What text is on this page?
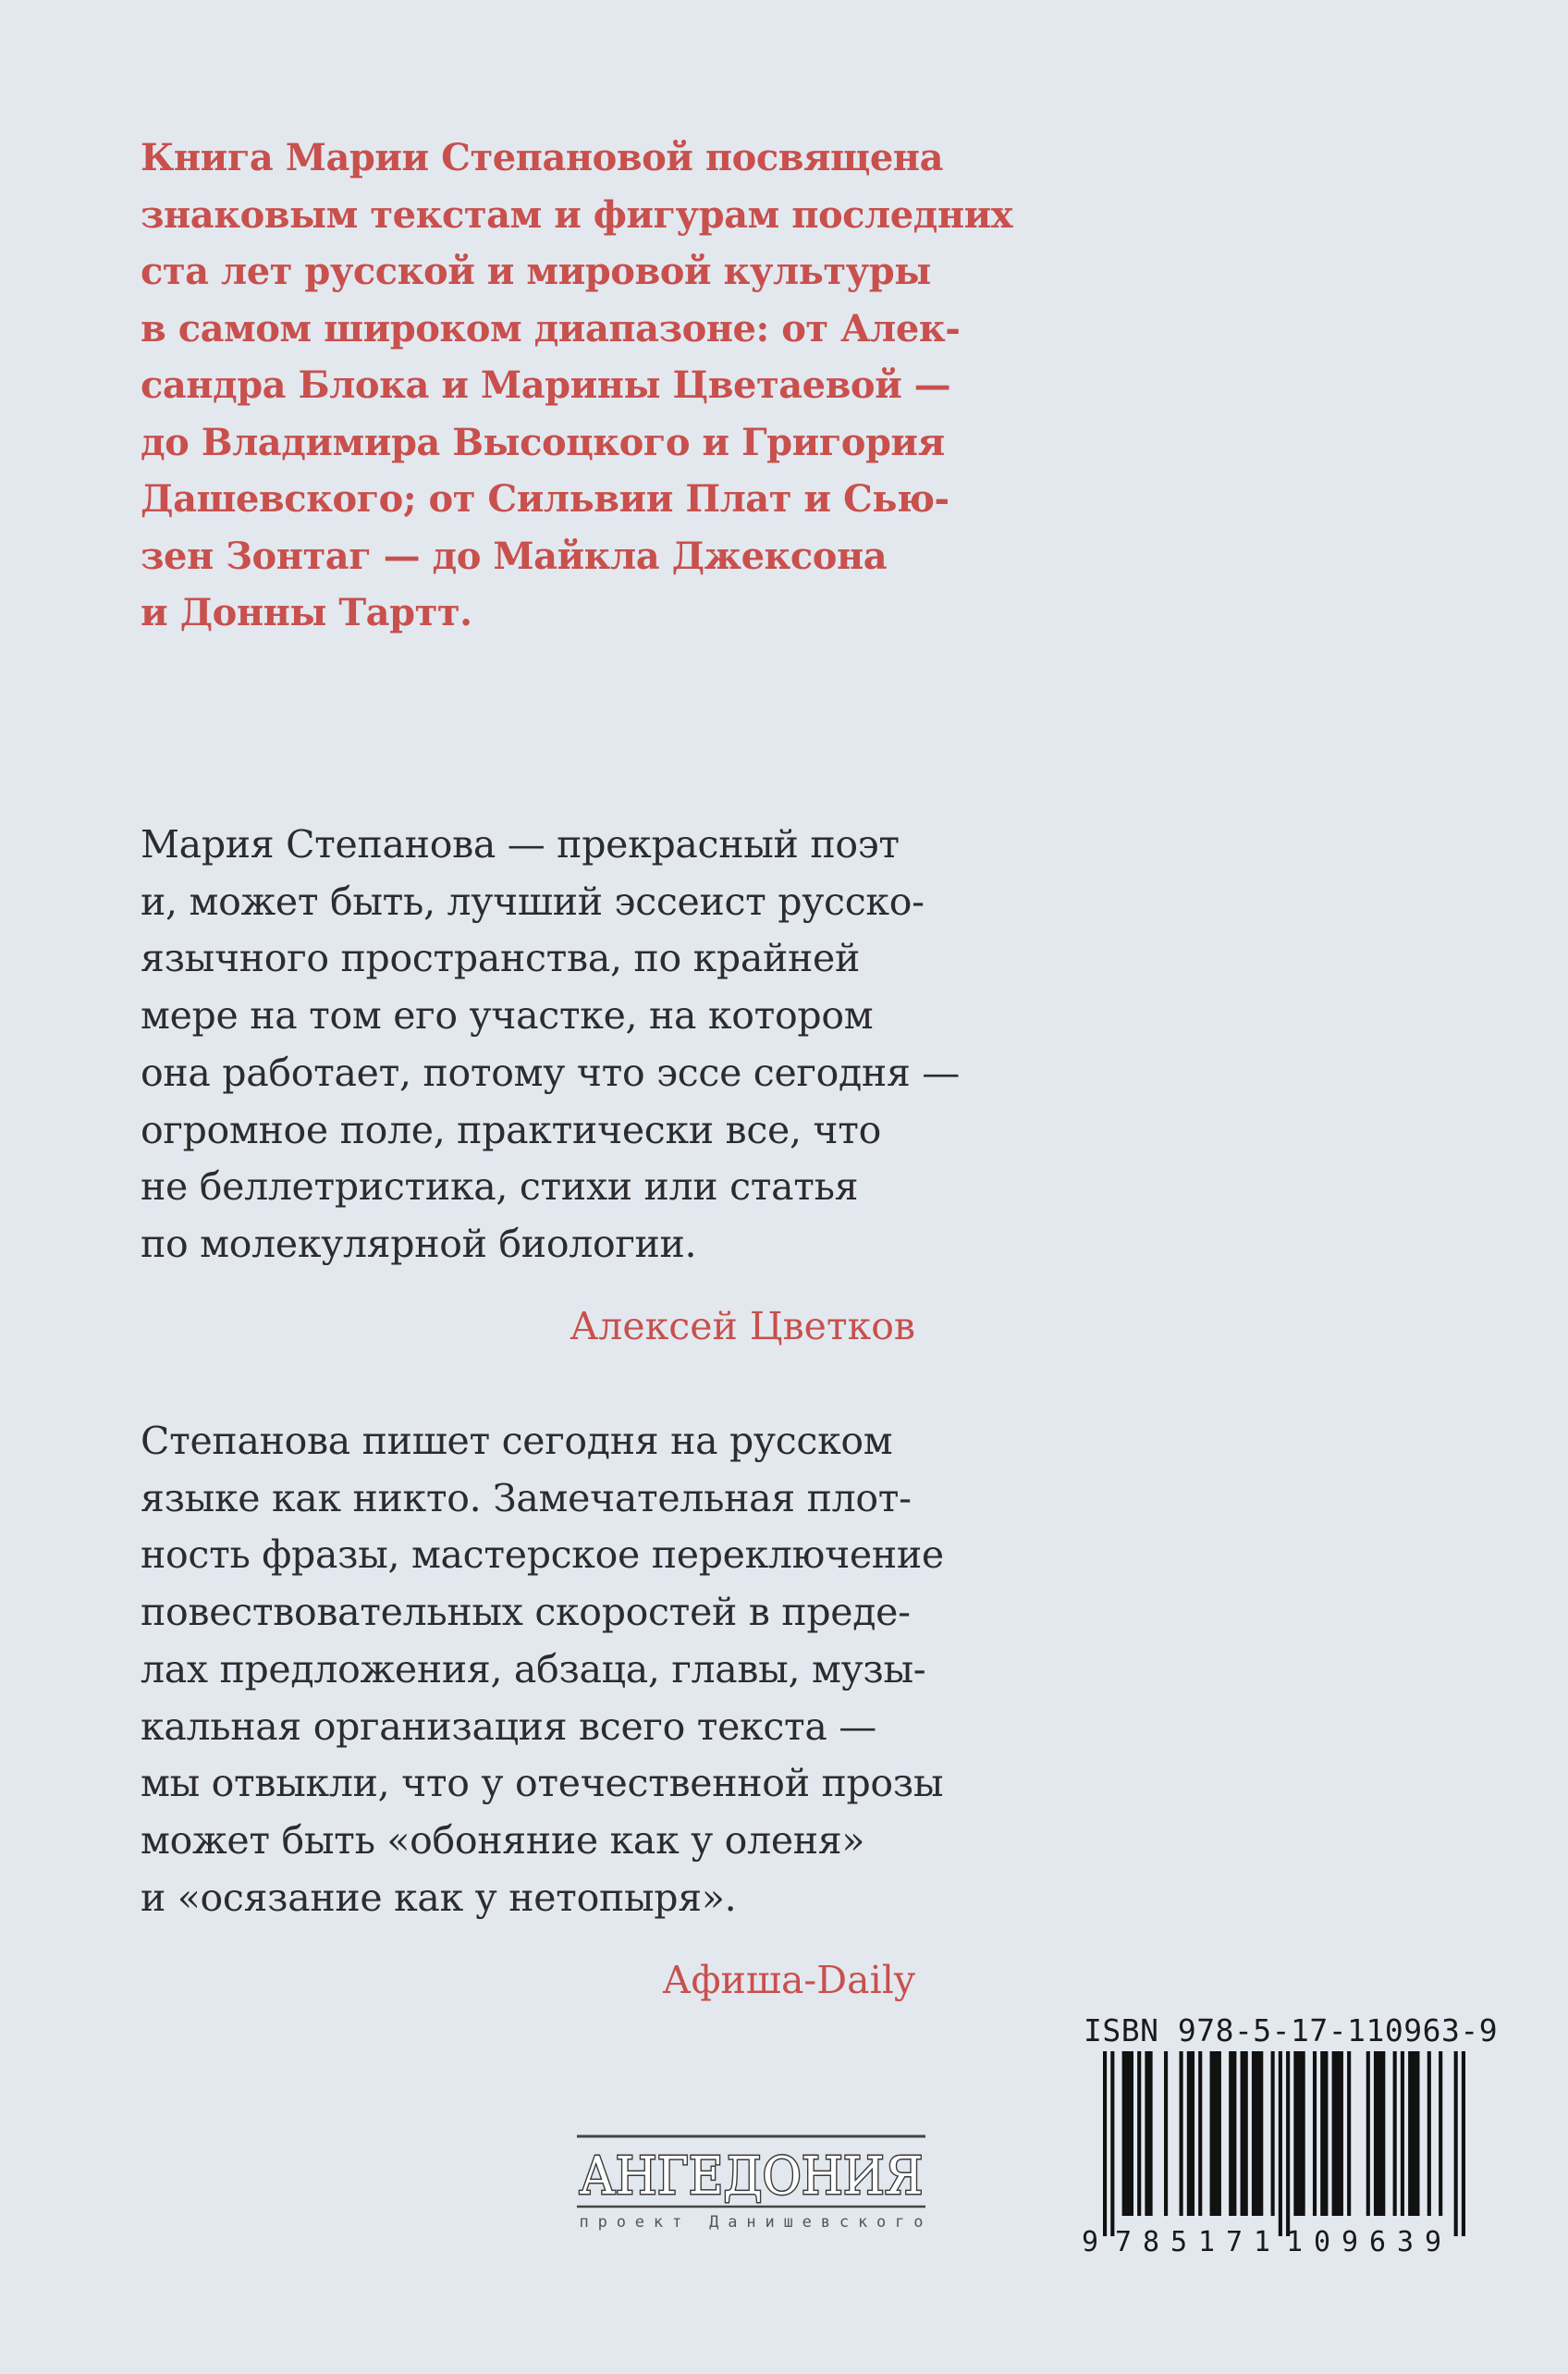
Книга Марии Степановой посвящена
знаковым текстам и фигурам последних
ста лет русской и мировой культуры
в самом широком диапазоне: от Алек-
сандра Блока и Марины Цветаевой —
до Владимира Высоцкого и Григория
Дашевского; от Сильвии Плат и Сью-
зен Зонтаг — до Майкла Джексона
и Донны Тартт.
Мария Степанова — прекрасный поэт
и, может быть, лучший эссеист русско-
язычного пространства, по крайней
мере на том его участке, на котором
она работает, потому что эссе сегодня —
огромное поле, практически все, что
не беллетристика, стихи или статья
по молекулярной биологии.
Алексей Цветков
Степанова пишет сегодня на русском
языке как никто. Замечательная плот-
ность фразы, мастерское переключение
повествовательных скоростей в преде-
лах предложения, абзаца, главы, музы-
кальная организация всего текста —
мы отвыкли, что у отечественной прозы
может быть «обоняние как у оленя»
и «осязание как у нетопыря».
Афиша-Daily
АНГЕДОНИЯ
проект Данишевского
ISBN 978-5-17-110963-9
9 785171 109639
